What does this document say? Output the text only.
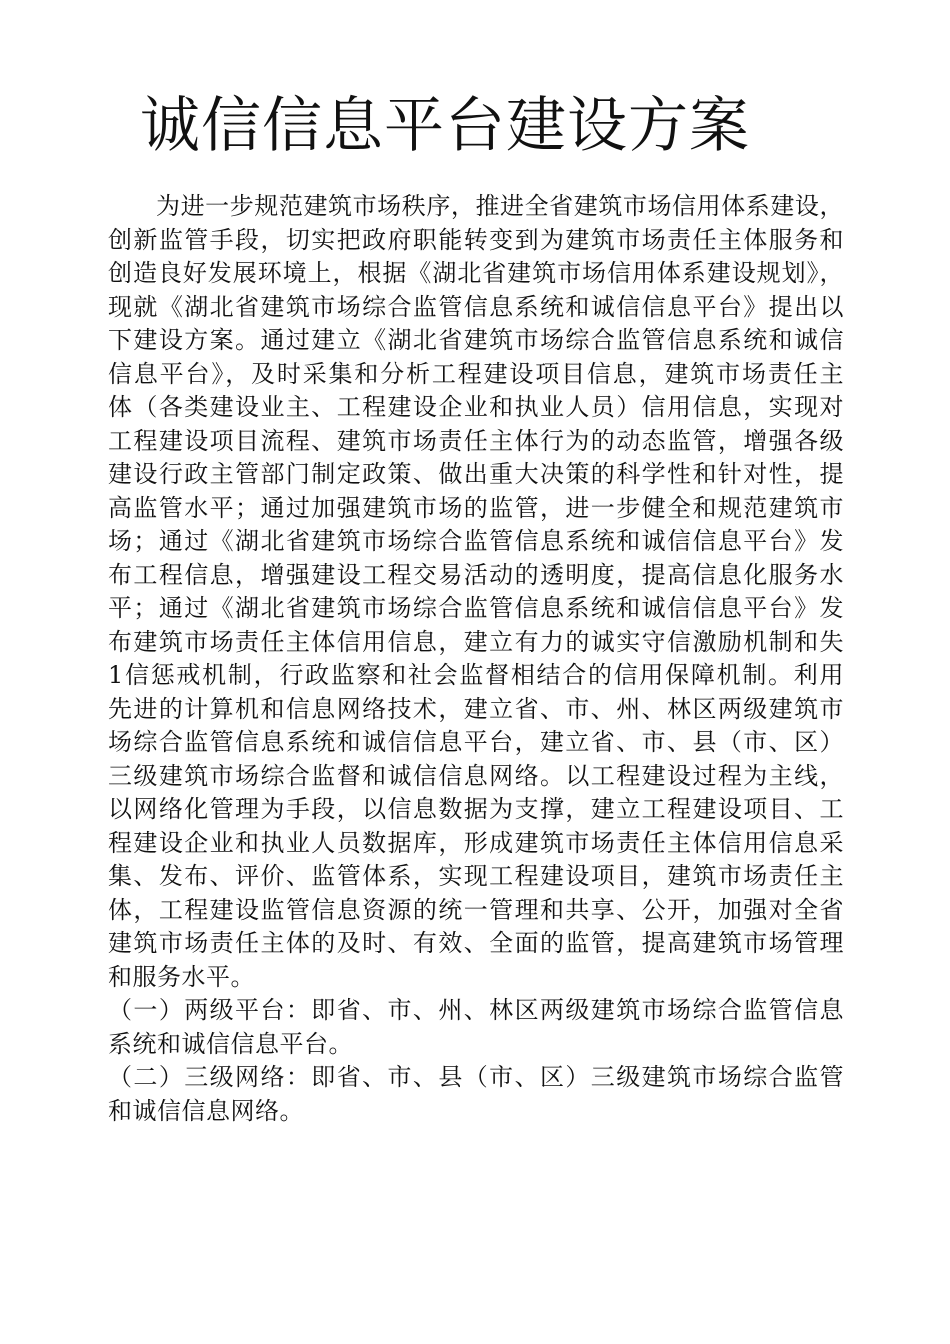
诚信信息平台建设方案
为进一步规范建筑市场秩序，推进全省建筑市场信用体系建设，
创新监管手段，切实把政府职能转变到为建筑市场责任主体服务和
创造良好发展环境上，根据《湖北省建筑市场信用体系建设规划》，
现就《湖北省建筑市场综合监管信息系统和诚信信息平台》提出以
下建设方案。通过建立《湖北省建筑市场综合监管信息系统和诚信
信息平台》，及时采集和分析工程建设项目信息，建筑市场责任主
体（各类建设业主、工程建设企业和执业人员）信用信息，实现对
工程建设项目流程、建筑市场责任主体行为的动态监管，增强各级
建设行政主管部门制定政策、做出重大决策的科学性和针对性，提
高监管水平；通过加强建筑市场的监管，进一步健全和规范建筑市
场；通过《湖北省建筑市场综合监管信息系统和诚信信息平台》发
布工程信息，增强建设工程交易活动的透明度，提高信息化服务水
平；通过《湖北省建筑市场综合监管信息系统和诚信信息平台》发
布建筑市场责任主体信用信息，建立有力的诚实守信激励机制和失
1信惩戒机制，行政监察和社会监督相结合的信用保障机制。利用
先进的计算机和信息网络技术，建立省、市、州、林区两级建筑市
场综合监管信息系统和诚信信息平台，建立省、市、县（市、区）
三级建筑市场综合监督和诚信信息网络。以工程建设过程为主线，
以网络化管理为手段，以信息数据为支撑，建立工程建设项目、工
程建设企业和执业人员数据库，形成建筑市场责任主体信用信息采
集、发布、评价、监管体系，实现工程建设项目，建筑市场责任主
体，工程建设监管信息资源的统一管理和共享、公开，加强对全省
建筑市场责任主体的及时、有效、全面的监管，提高建筑市场管理
和服务水平。
（一）两级平台：即省、市、州、林区两级建筑市场综合监管信息
系统和诚信信息平台。
（二）三级网络：即省、市、县（市、区）三级建筑市场综合监管
和诚信信息网络。
